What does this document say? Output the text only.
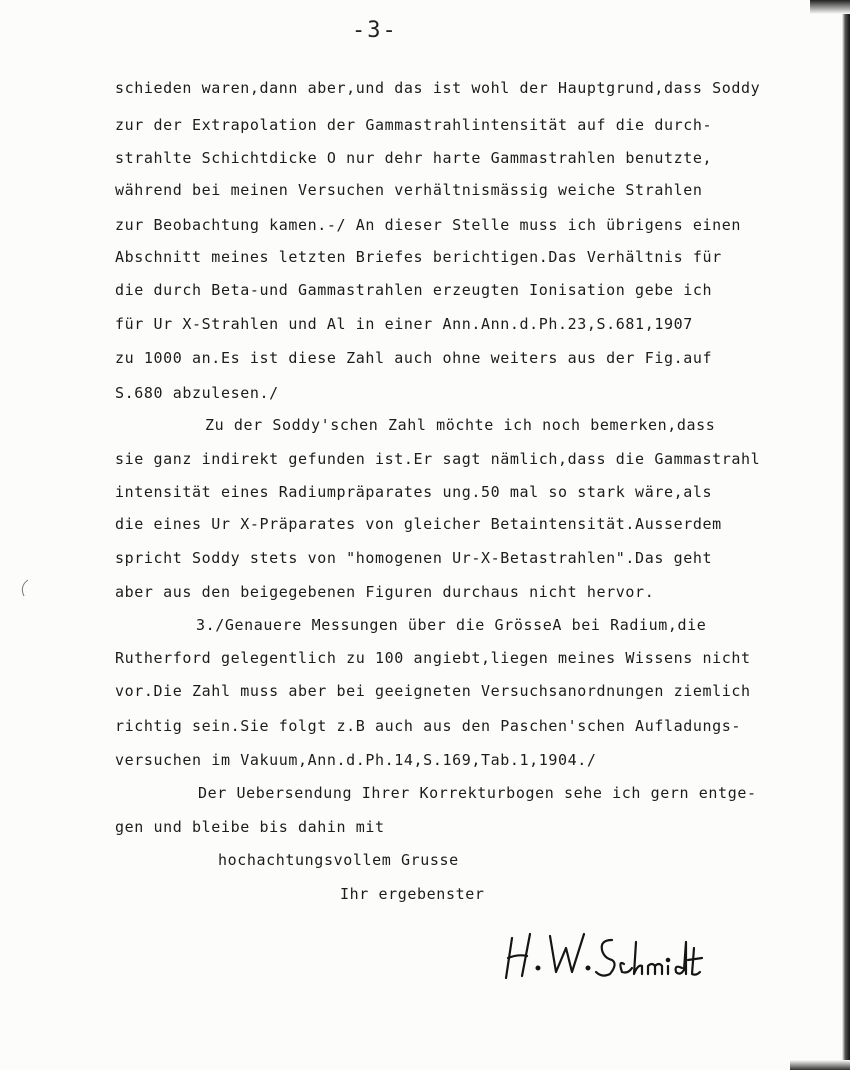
-3-
schieden waren,dann aber,und das ist wohl der Hauptgrund,dass Soddy
zur der Extrapolation der Gammastrahlintensität auf die durch-
strahlte Schichtdicke O nur dehr harte Gammastrahlen benutzte,
während bei meinen Versuchen verhältnismässig weiche Strahlen
zur Beobachtung kamen.-/ An dieser Stelle muss ich übrigens einen
Abschnitt meines letzten Briefes berichtigen.Das Verhältnis für
die durch Beta-und Gammastrahlen erzeugten Ionisation gebe ich
für Ur X-Strahlen und Al in einer Ann.Ann.d.Ph.23,S.681,1907
zu 1000 an.Es ist diese Zahl auch ohne weiters aus der Fig.auf
S.680 abzulesen./
Zu der Soddy'schen Zahl möchte ich noch bemerken,dass
sie ganz indirekt gefunden ist.Er sagt nämlich,dass die Gammastrahl
intensität eines Radiumpräparates ung.50 mal so stark wäre,als
die eines Ur X-Präparates von gleicher Betaintensität.Ausserdem
spricht Soddy stets von "homogenen Ur-X-Betastrahlen".Das geht
aber aus den beigegebenen Figuren durchaus nicht hervor.
3./Genauere Messungen über die GrösseA bei Radium,die
Rutherford gelegentlich zu 100 angiebt,liegen meines Wissens nicht
vor.Die Zahl muss aber bei geeigneten Versuchsanordnungen ziemlich
richtig sein.Sie folgt z.B auch aus den Paschen'schen Aufladungs-
versuchen im Vakuum,Ann.d.Ph.14,S.169,Tab.1,1904./
Der Uebersendung Ihrer Korrekturbogen sehe ich gern entge-
gen und bleibe bis dahin mit
hochachtungsvollem Grusse
Ihr ergebenster
